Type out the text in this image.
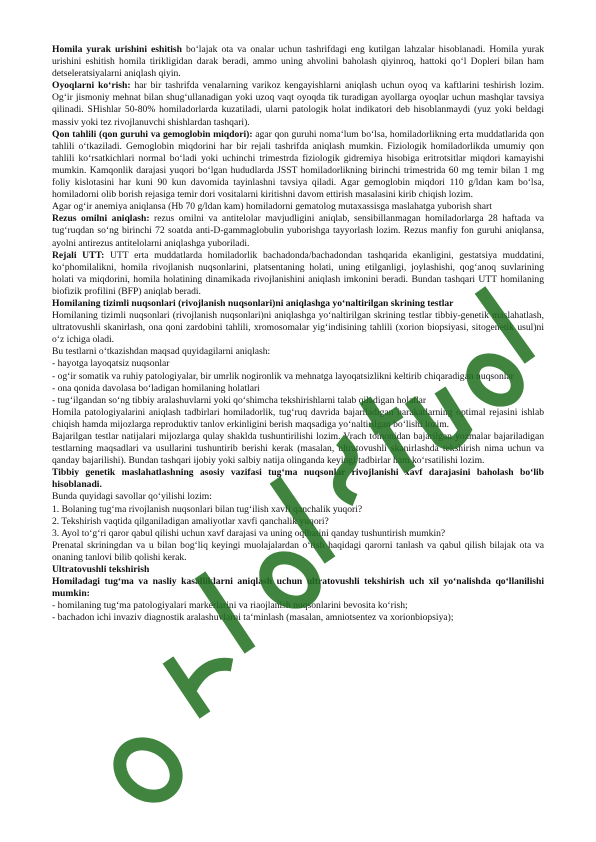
Homila yurak urishini eshitish bo‘lajak ota va onalar uchun tashrifdagi eng kutilgan lahzalar hisoblanadi. Homila yurak urishini eshitish homila tirikligidan darak beradi, ammo uning ahvolini baholash qiyinroq, hattoki qo‘l Dopleri bilan ham detseleratsiyalarni aniqlash qiyin.

Oyoqlarni ko‘rish: har bir tashrifda venalarning varikoz kengayishlarni aniqlash uchun oyoq va kaftlarini teshirish lozim. Og‘ir jismoniy mehnat bilan shug‘ullanadigan yoki uzoq vaqt oyoqda tik turadigan ayollarga oyoqlar uchun mashqlar tavsiya qilinadi. SHishlar 50-80% homiladorlarda kuzatiladi, ularni patologik holat indikatori deb hisoblanmaydi (yuz yoki beldagi massiv yoki tez rivojlanuvchi shishlardan tashqari).

Qon tahlili (qon guruhi va gemoglobin miqdori): agar qon guruhi noma‘lum bo‘lsa, homiladorlikning erta muddatlarida qon tahlili o‘tkaziladi. Gemoglobin miqdorini har bir rejali tashrifda aniqlash mumkin. Fiziologik homiladorlikda umumiy qon tahlili ko‘rsatkichlari normal bo‘ladi yoki uchinchi trimestrda fiziologik gidremiya hisobiga eritrotsitlar miqdori kamayishi mumkin. Kamqonlik darajasi yuqori bo‘lgan hududlarda JSST homiladorlikning birinchi trimestrida 60 mg temir bilan 1 mg foliy kislotasini har kuni 90 kun davomida tayinlashni tavsiya qiladi. Agar gemoglobin miqdori 110 g/ldan kam bo‘lsa, homiladorni olib borish rejasiga temir dori vositalarni kiritishni davom ettirish masalasini kirib chiqish lozim.

Agar og‘ir anemiya aniqlansa (Hb 70 g/ldan kam) homiladorni gematolog mutaxassisga maslahatga yuborish shart

Rezus omilni aniqlash: rezus omilni va antitelolar mavjudligini aniqlab, sensibillanmagan homiladorlarga 28 haftada va tug‘ruqdan so‘ng birinchi 72 soatda anti-D-gammaglobulin yuborishga tayyorlash lozim. Rezus manfiy fon guruhi aniqlansa, ayolni antirezus antitelolarni aniqlashga yuboriladi.

Rejali UTT: UTT erta muddatlarda homiladorlik bachadonda/bachadondan tashqarida ekanligini, gestatsiya muddatini, ko‘phomilalikni, homila rivojlanish nuqsonlarini, platsentaning holati, uning etilganligi, joylashishi, qog‘anoq suvlarining holati va miqdorini, homila holatining dinamikada rivojlanishini aniqlash imkonini beradi. Bundan tashqari UTT homilaning biofizik profilini (BFP) aniqlab beradi.

Homilaning tizimli nuqsonlari (rivojlanish nuqsonlari)ni aniqlashga yo‘naltirilgan skrining testlar

Homilaning tizimli nuqsonlari (rivojlanish nuqsonlari)ni aniqlashga yo‘naltirilgan skrining testlar tibbiy-genetik maslahatlash, ultratovushli skanirlash, ona qoni zardobini tahlili, xromosomalar yig‘indisining tahlili (xorion biopsiyasi, sitogenetik usul)ni o‘z ichiga oladi.

Bu testlarni o‘tkazishdan maqsad quyidagilarni aniqlash:

- hayotga layoqatsiz nuqsonlar

- og‘ir somatik va ruhiy patologiyalar, bir umrlik nogironlik va mehnatga layoqatsizlikni keltirib chiqaradigan nuqsonlar

- ona qonida davolasa bo‘ladigan homilaning holatlari

- tug‘ilgandan so‘ng tibbiy aralashuvlarni yoki qo‘shimcha tekshirishlarni talab qiladigan holatlar

Homila patologiyalarini aniqlash tadbirlari homiladorlik, tug‘ruq davrida bajariladigan harakatlarning optimal rejasini ishlab chiqish hamda mijozlarga reproduktiv tanlov erkinligini berish maqsadiga yo‘naltirilgan bo‘lishi lozim.

Bajarilgan testlar natijalari mijozlarga qulay shaklda tushuntirilishi lozim. Vrach tomonidan bajarilgan yozmalar bajariladigan testlarning maqsadlari va usullarini tushuntirib berishi kerak (masalan, ultratovushli skanirlashda tekshirish nima uchun va qanday bajarilishi). Bundan tashqari ijobiy yoki salbiy natija olinganda keyingi tadbirlar ham ko‘rsatilishi lozim.

Tibbiy genetik maslahatlashning asosiy vazifasi tug‘ma nuqsonlar rivojlanishi xavf darajasini baholash bo‘lib hisoblanadi.

Bunda quyidagi savollar qo‘yilishi lozim:

1. Bolaning tug‘ma rivojlanish nuqsonlari bilan tug‘ilish xavfi qanchalik yuqori?

2. Tekshirish vaqtida qilganiladigan amaliyotlar xavfi qanchalik yuqori?

3. Ayol to‘g‘ri qaror qabul qilishi uchun xavf darajasi va uning oqibatini qanday tushuntirish mumkin?

Prenatal skriningdan va u bilan bog‘liq keyingi muolajalardan o‘tish haqidagi qarorni tanlash va qabul qilish bilajak ota va onaning tanlovi bilib qolishi kerak.

Ultratovushli tekshirish

Homiladagi tug‘ma va nasliy kasalliklarni aniqlash uchun ultratovushli tekshirish uch xil yo‘nalishda qo‘llanilishi mumkin:

- homilaning tug‘ma patologiyalari markerlarini va riaojlanish nuqsonlarini bevosita ko‘rish;

- bachadon ichi invaziv diagnostik aralashuvlarni ta‘minlash (masalan, amniotsentez va xorionbiopsiya);
